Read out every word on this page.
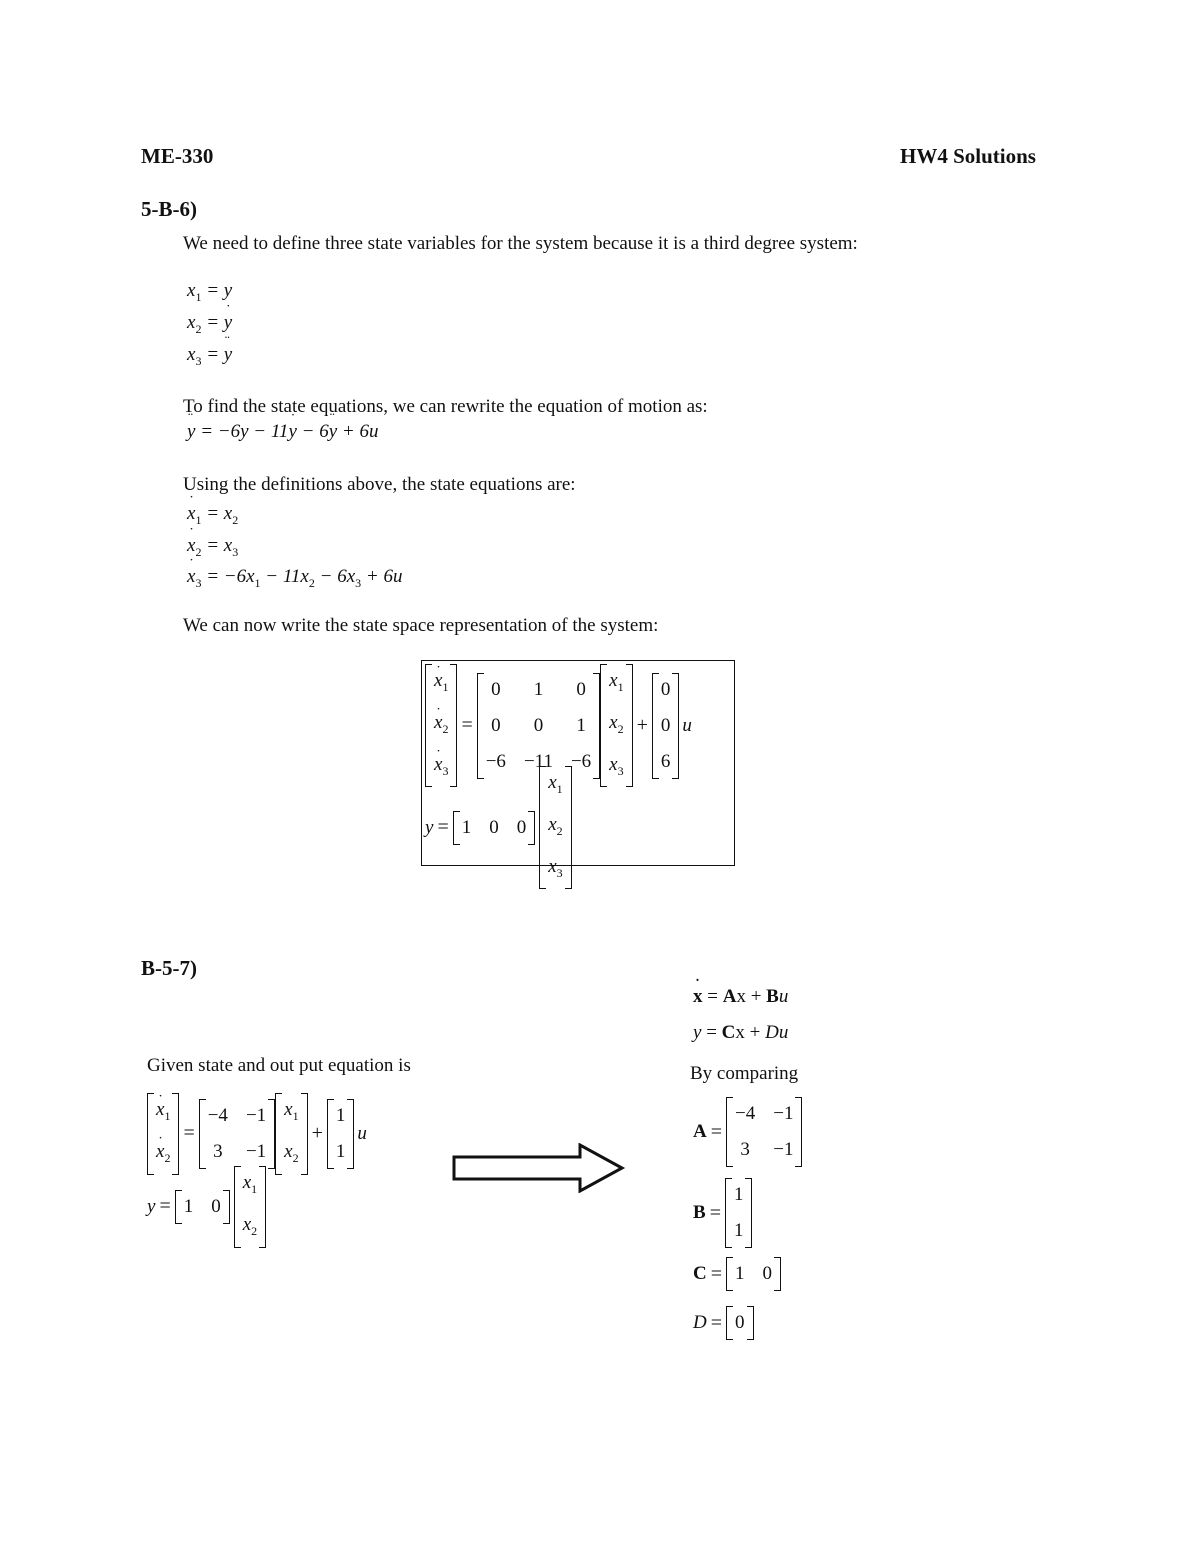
ME-330	HW4 Solutions
5-B-6)
We need to define three state variables for the system because it is a third degree system:
$x_1 = y$
$x_2$ = ˙ y
$x_3$ = ¨ y
To find the state equations, we can rewrite the equation of motion as:
¨ y = −6y − 11˙ y − 6¨ y + 6u
Using the definitions above, the state equations are:
˙ $x_1 = x_2$
˙ $x_2 = x_3$
˙ $x_3 = -6x_1 - 11x_2 - 6x_3 + 6u$
We can now write the state space representation of the system:
˙ $x_1$
˙ $x_2$
˙ $x_3$
=
0	1	0
0	0	1
−6 −11 −6
$x_1$
$x_2$
$x_3$
+
0
0
6
u
y = 1 0 0
$x_1$
$x_2$
$x_3$
B-5-7)
Given state and out put equation is
˙ $x_1$
˙ $x_2$
=
−4 −1
3 −1
$x_1$
$x_2$
+
1
1
u
y = 1 0
$x_1$
$x_2$
˙ x = Ax + Bu
y = Cx + Du
By comparing
A =
−4 −1
3 −1
B =
1
1
C = 1 0
D = 0
